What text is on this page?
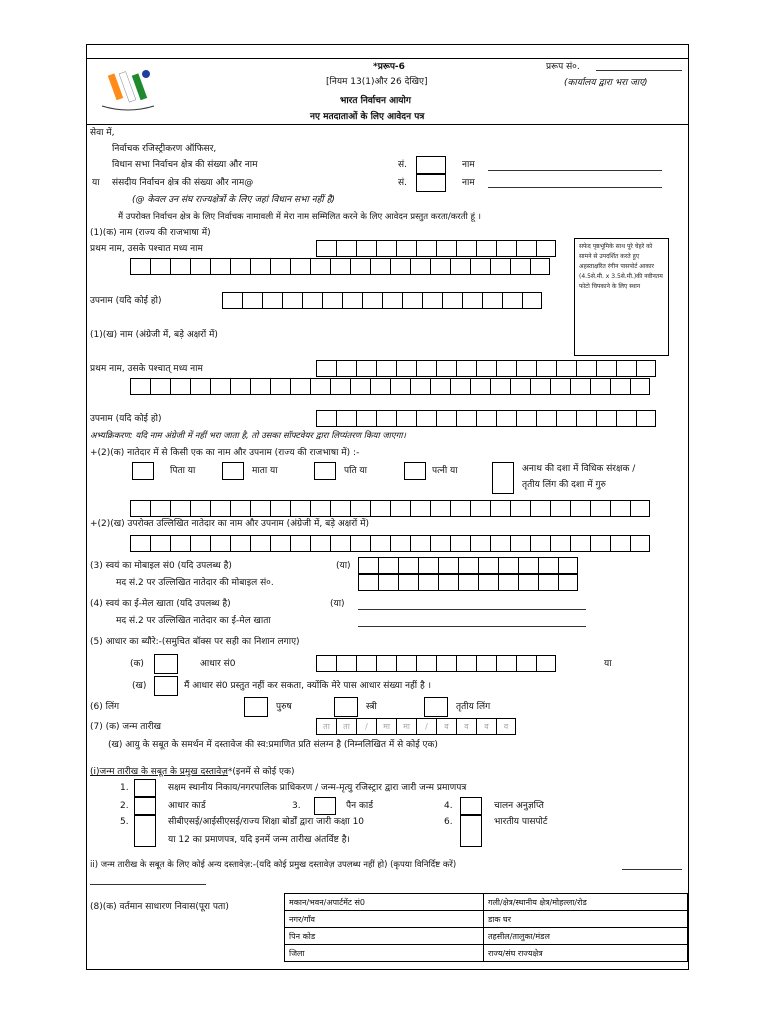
*प्ररूप-6
[नियम 13(1)और 26 देखिए]
भारत निर्वाचन आयोग
नए मतदाताओं के लिए आवेदन पत्र
प्ररूप सं०.
(कार्यालय द्वारा भरा जाए)
सेवा में,
निर्वाचक रजिस्ट्रीकरण ऑफिसर,
विधान सभा निर्वाचन क्षेत्र की संख्या और नाम	सं.	नाम
या संसदीय निर्वाचन क्षेत्र की संख्या और नाम@	सं.	नाम
(@ केवल उन संघ राज्यक्षेत्रों के लिए जहां विधान सभा नहीं है)
मैं उपरोक्त निर्वाचन क्षेत्र के लिए निर्वाचक नामावली में मेरा नाम सम्मिलित करने के लिए आवेदन प्रस्तुत करता/करती हूं ।
(1)(क) नाम (राज्य की राजभाषा में)
प्रथम नाम, उसके पश्चात मध्य नाम
उपनाम (यदि कोई हो)
सफेद पृष्ठभूमिके साथ पूरे चेहरे को सामने से उपदर्शित करते हुए अहस्ताक्षरित रंगीन पासपोर्ट आकार (4.5से.मी. x 3.5से.मी.)की नवीनतम फोटो चिपकाने के लिए स्थान
(1)(ख) नाम (अंग्रेजी में, बड़े अक्षरों में)
प्रथम नाम, उसके पश्चात् मध्य नाम
उपनाम (यदि कोई हो)
अभ्यक्रिकरण: यदि नाम अंग्रेजी में नहीं भरा जाता है, तो उसका सॉफ्टवेयर द्वारा लिप्यंतरण किया जाएगा।
+(2)(क) नातेदार में से किसी एक का नाम और उपनाम (राज्य की राजभाषा में) :-
पिता या	माता या	पति या	पत्नी या	अनाथ की दशा में विधिक संरक्षक /
तृतीय लिंग की दशा में गुरु
+(2)(ख) उपरोक्त उल्लिखित नातेदार का नाम और उपनाम (अंग्रेजी में, बड़े अक्षरों में)
(3) स्वयं का मोबाइल सं0 (यदि उपलब्ध है)	(या)
मद सं.2 पर उल्लिखित नातेदार की मोबाइल सं०.
(4) स्वयं का ई-मेल खाता (यदि उपलब्ध है)	(या)
मद सं.2 पर उल्लिखित नातेदार का ई-मेल खाता
(5) आधार का ब्यौरे:-(समुचित बॉक्स पर सही का निशान लगाए)
(क)	आधार सं0	या
(ख)	मैं आधार सं0 प्रस्तुत नहीं कर सकता, क्योंकि मेरे पास आधार संख्या नहीं है ।
(6) लिंग	पुरुष	स्त्री	तृतीय लिंग
(7) (क) जन्म तारीख	ता	ता	/	मा	मा	/	व	व	व	व
(ख) आयु के सबूत के समर्थन में दस्तावेज की स्व:प्रमाणित प्रति संलग्न है (निम्नलिखित में से कोई एक)
(i)जन्म तारीख के सबूत के प्रमुख दस्तावेज़*(इनमें से कोई एक)
1.	सक्षम स्थानीय निकाय/नगरपालिक प्राधिकरण / जन्म-मृत्यु रजिस्ट्रार द्वारा जारी जन्म प्रमाणपत्र
2.	आधार कार्ड	3.	पैन कार्ड	4.	चालन अनुज्ञप्ति
5.	सीबीएसई/आईसीएसई/राज्य शिक्षा बोर्डों द्वारा जारी कक्षा 10
या 12 का प्रमाणपत्र, यदि इनमें जन्म तारीख अंतर्विष्ट है।
6.	भारतीय पासपोर्ट
ii) जन्म तारीख के सबूत के लिए कोई अन्य दस्तावेज़:-(यदि कोई प्रमुख दस्तावेज़ उपलब्ध नहीं हो) (कृपया विनिर्दिष्ट करें)
(8)(क) वर्तमान साधारण निवास(पूरा पता)	मकान/भवन/अपार्टमेंट सं0	गली/क्षेत्र/स्थानीय क्षेत्र/मोहल्ला/रोड
नगर/गाँव	डाक घर
पिन कोड	तहसील/तालुका/मंडल
जिला	राज्य/संघ राज्यक्षेत्र
